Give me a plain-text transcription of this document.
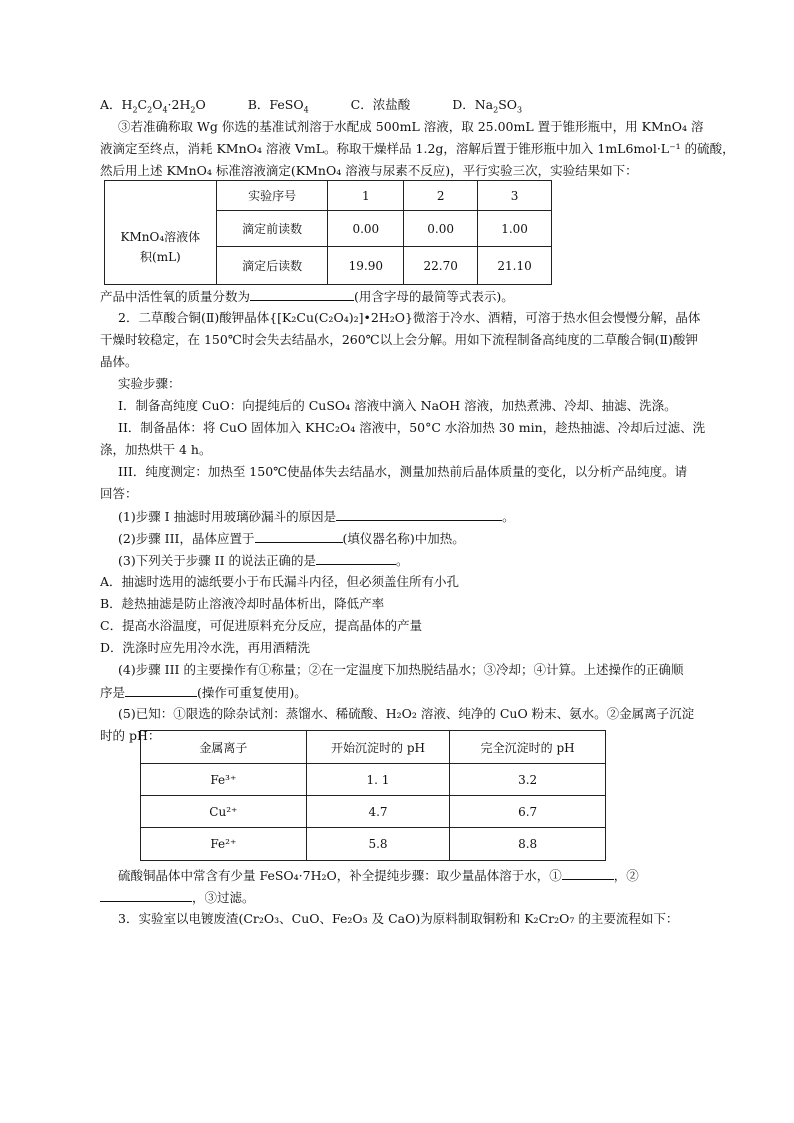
A．$H_2C_2O_4\cdot 2H_2O$	B．FeSO$_4$	C．浓盐酸	D．$Na_2SO_3$
③若准确称取 Wg 你选的基准试剂溶于水配成 500mL 溶液，取 25.00mL 置于锥形瓶中，用 KMnO₄ 溶
液滴定至终点，消耗 KMnO₄ 溶液 VmL。称取干燥样品 1.2g，溶解后置于锥形瓶中加入 1mL6mol·L⁻¹ 的硫酸，
然后用上述 KMnO₄ 标准溶液滴定(KMnO₄ 溶液与尿素不反应)，平行实验三次，实验结果如下：
	实验序号	1	2	3

KMnO₄溶液体
积(mL)	滴定前读数	0.00	0.00	1.00
	滴定后读数	19.90	22.70	21.10
产品中活性氧的质量分数为	(用含字母的最简等式表示)。
2．二草酸合铜(Ⅱ)酸钾晶体{[K₂Cu(C₂O₄)₂]•2H₂O}微溶于冷水、酒精，可溶于热水但会慢慢分解，晶体
干燥时较稳定，在 150℃时会失去结晶水，260℃以上会分解。用如下流程制备高纯度的二草酸合铜(Ⅱ)酸钾
晶体。
实验步骤：
I．制备高纯度 CuO：向提纯后的 CuSO₄ 溶液中滴入 NaOH 溶液，加热煮沸、冷却、抽滤、洗涤。
II．制备晶体：将 CuO 固体加入 KHC₂O₄ 溶液中，50°C 水浴加热 30 min，趁热抽滤、冷却后过滤、洗
涤，加热烘干 4 h。
III．纯度测定：加热至 150℃使晶体失去结晶水，测量加热前后晶体质量的变化，以分析产品纯度。请
回答：
(1)步骤 I 抽滤时用玻璃砂漏斗的原因是	。
(2)步骤 III，晶体应置于	(填仪器名称)中加热。
(3)下列关于步骤 II 的说法正确的是	。
A．抽滤时选用的滤纸要小于布氏漏斗内径，但必须盖住所有小孔
B．趁热抽滤是防止溶液冷却时晶体析出，降低产率
C．提高水浴温度，可促进原料充分反应，提高晶体的产量
D．洗涤时应先用冷水洗，再用酒精洗
(4)步骤 III 的主要操作有①称量；②在一定温度下加热脱结晶水；③冷却；④计算。上述操作的正确顺
序是	(操作可重复使用)。
(5)已知：①限选的除杂试剂：蒸馏水、稀硫酸、H₂O₂ 溶液、纯净的 CuO 粉末、氨水。②金属离子沉淀
时的 pH：
金属离子	开始沉淀时的 pH	完全沉淀时的 pH
Fe³⁺	1. 1	3.2
Cu²⁺	4.7	6.7
Fe²⁺	5.8	8.8
硫酸铜晶体中常含有少量 FeSO₄·7H₂O，补全提纯步骤：取少量晶体溶于水，①	，②
，③过滤。
3．实验室以电镀废渣(Cr₂O₃、CuO、Fe₂O₃ 及 CaO)为原料制取铜粉和 K₂Cr₂O₇ 的主要流程如下：
